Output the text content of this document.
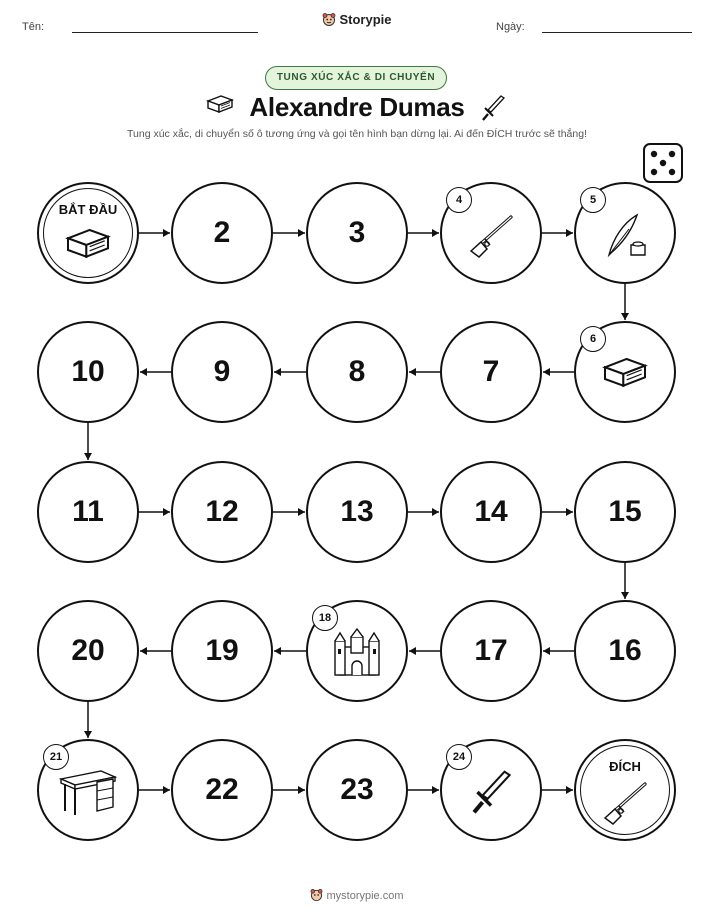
Tên:	Ngày:
Storypie
TUNG XÚC XẮC & DI CHUYỂN
Alexandre Dumas
Tung xúc xắc, di chuyển số ô tương ứng và gọi tên hình bạn dừng lại. Ai đến ĐÍCH trước sẽ thắng!
BẮT ĐẦU
2	3
4	5
6
7
8
9
10
11	12	13	14	15
16
17
18
19
20
21
22	23
24
ĐÍCH
mystorypie.com
